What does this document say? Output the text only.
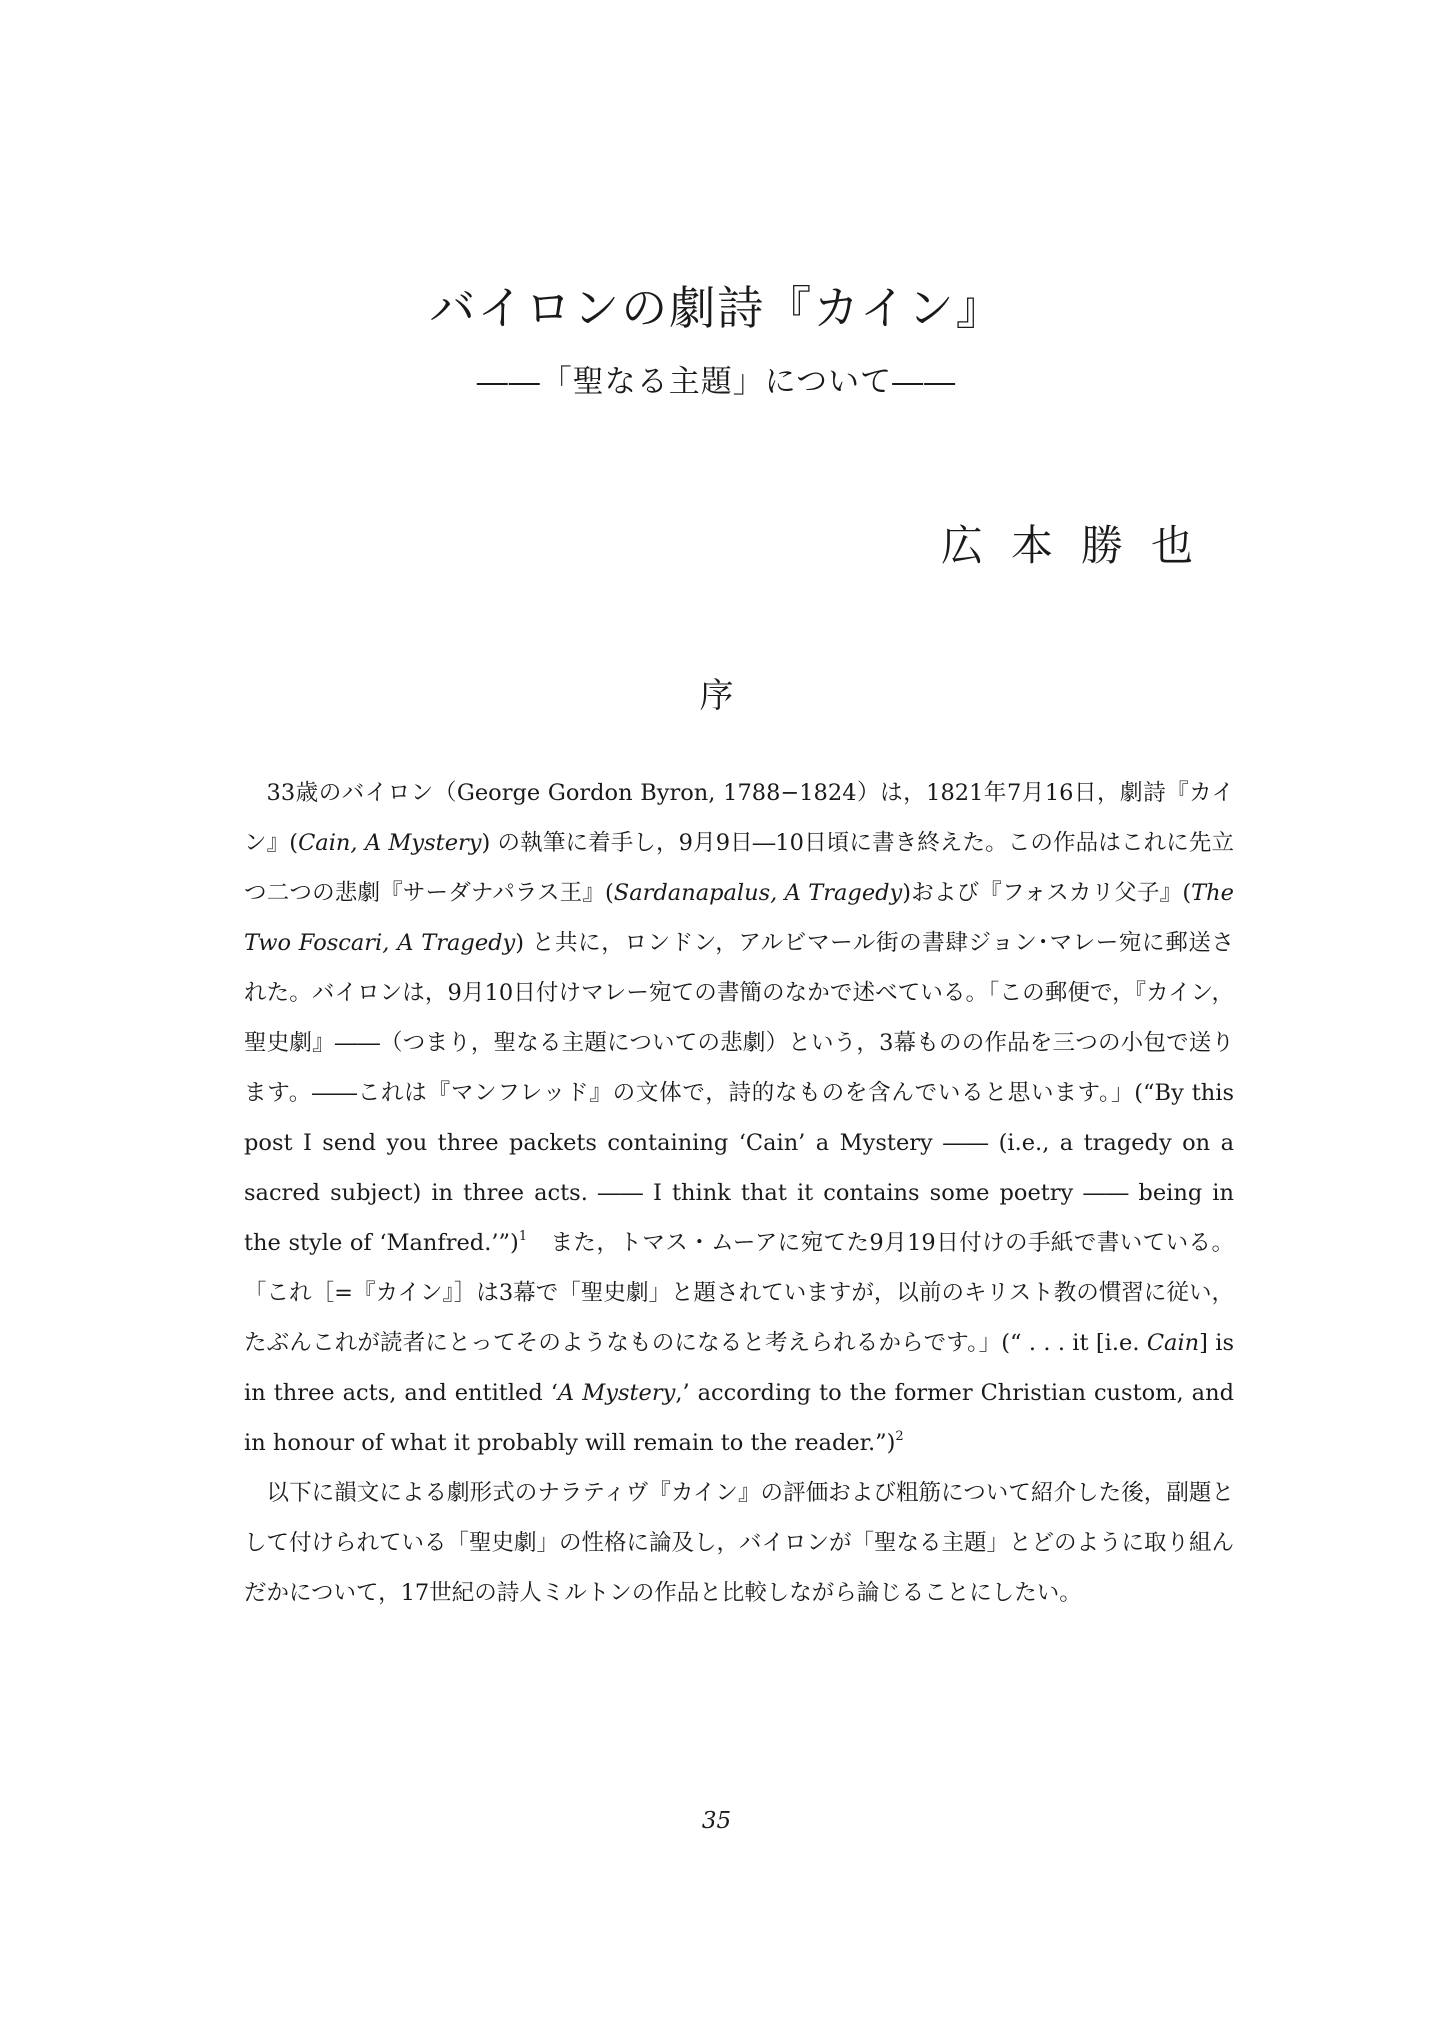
バイロンの劇詩『カイン』
――「聖なる主題」について――
広本勝也
序

33歳のバイロン（George Gordon Byron, 1788−1824）は，1821年7月16日，劇詩『カイン』(Cain, A Mystery) の執筆に着手し，9月9日―10日頃に書き終えた。この作品はこれに先立つ二つの悲劇『サーダナパラス王』(Sardanapalus, A Tragedy)および『フォスカリ父子』(The Two Foscari, A Tragedy) と共に，ロンドン，アルビマール街の書肆ジョン･マレー宛に郵送された。バイロンは，9月10日付けマレー宛ての書簡のなかで述べている。「この郵便で，『カイン，聖史劇』――（つまり，聖なる主題についての悲劇）という，3幕ものの作品を三つの小包で送ります。――これは『マンフレッド』の文体で，詩的なものを含んでいると思います。」(“By this post I send you three packets containing ‘Cain’ a Mystery ―― (i.e., a tragedy on a sacred subject) in three acts. ―― I think that it contains some poetry ―― being in the style of ‘Manfred.’”)$^1$　また，トマス・ムーアに宛てた9月19日付けの手紙で書いている。「これ［=『カイン』］は3幕で「聖史劇」と題されていますが，以前のキリスト教の慣習に従い，たぶんこれが読者にとってそのようなものになると考えられるからです。」(“ . . . it [i.e. Cain] is in three acts, and entitled ‘A Mystery,’ according to the former Christian custom, and in honour of what it probably will remain to the reader.”)$^2$

以下に韻文による劇形式のナラティヴ『カイン』の評価および粗筋について紹介した後，副題として付けられている「聖史劇」の性格に論及し，バイロンが「聖なる主題」とどのように取り組んだかについて，17世紀の詩人ミルトンの作品と比較しながら論じることにしたい。

35
